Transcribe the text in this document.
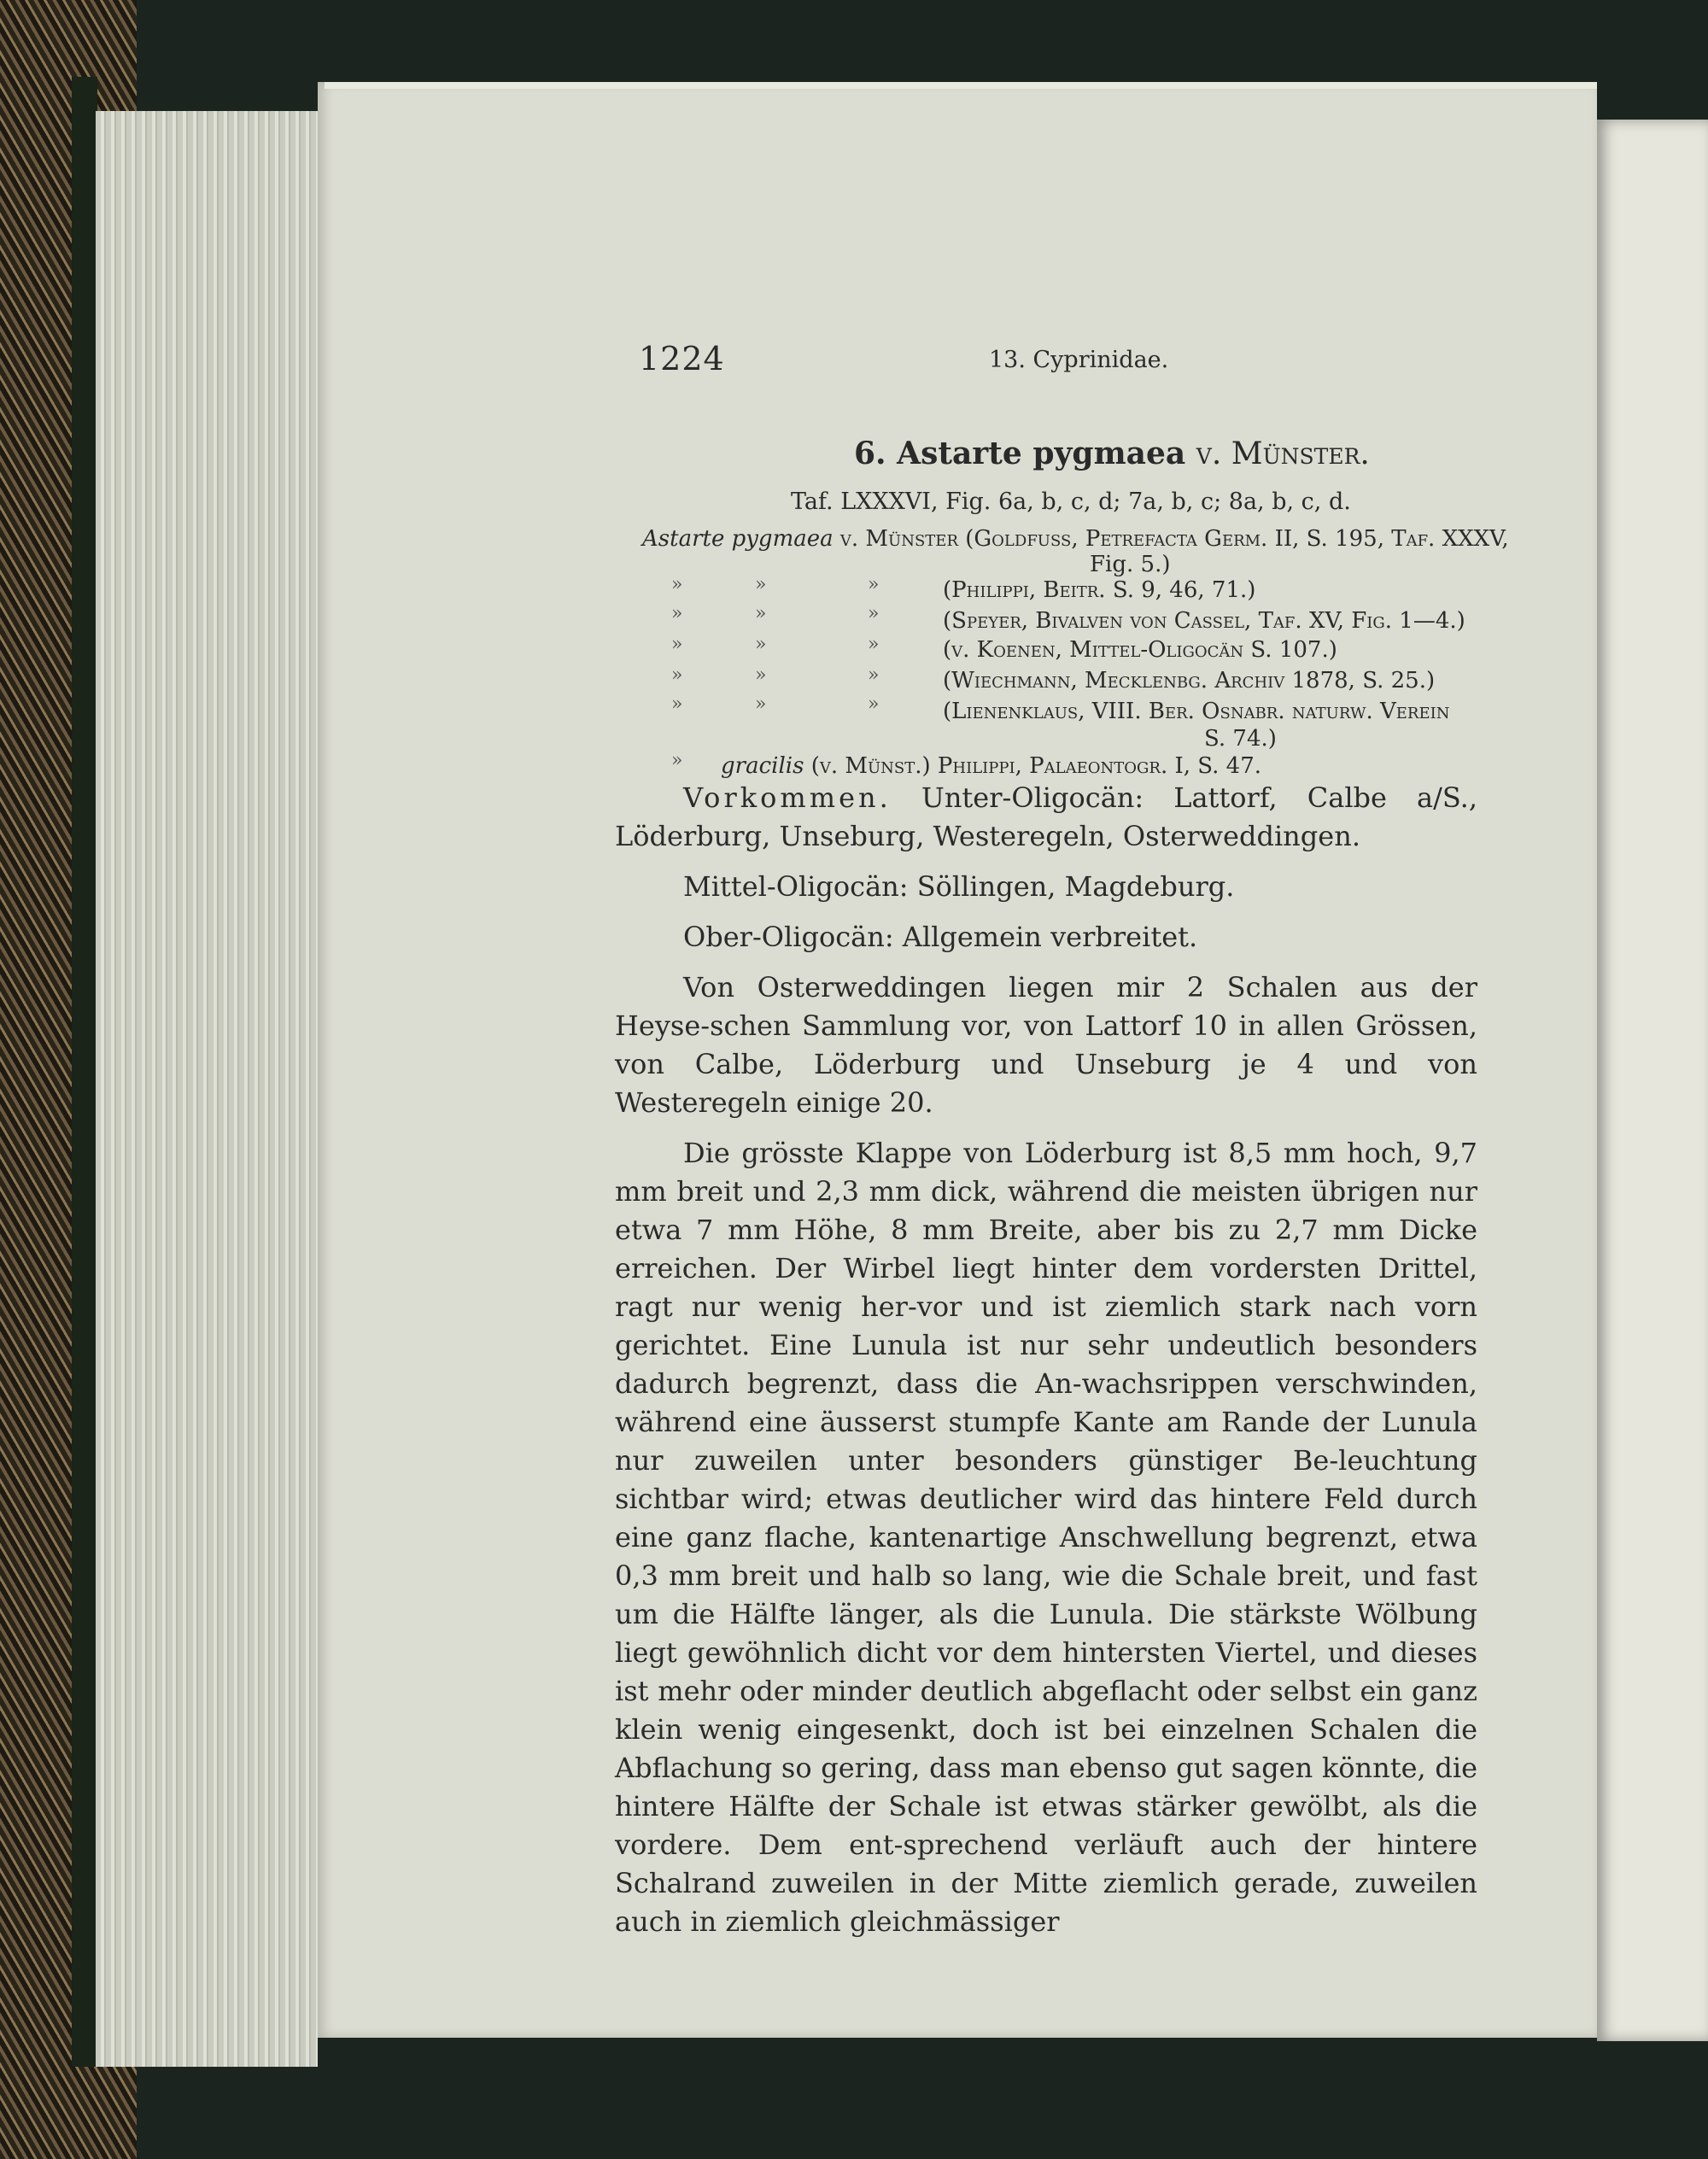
1224	13. Cyprinidae.
6. Astarte pygmaea v. Münster.
Taf. LXXXVI, Fig. 6a, b, c, d; 7a, b, c; 8a, b, c, d.
Astarte pygmaea v. Münster (Goldfuss, Petrefacta Germ. II, S. 195, Taf. XXXV,
Fig. 5.)
»	»	»	(Philippi, Beitr. S. 9, 46, 71.)
»	»	»	(Speyer, Bivalven von Cassel, Taf. XV, Fig. 1—4.)
»	»	»	(v. Koenen, Mittel-Oligocän S. 107.)
»	»	»	(Wiechmann, Mecklenbg. Archiv 1878, S. 25.)
»	»	»	(Lienenklaus, VIII. Ber. Osnabr. naturw. Verein
S. 74.)
» gracilis (v. Münst.) Philippi, Palaeontogr. I, S. 47.

Vorkommen. Unter-Oligocän: Lattorf, Calbe a/S., Löderburg, Unseburg, Westeregeln, Osterweddingen.

Mittel-Oligocän: Söllingen, Magdeburg.

Ober-Oligocän: Allgemein verbreitet.

Von Osterweddingen liegen mir 2 Schalen aus der Heyse-schen Sammlung vor, von Lattorf 10 in allen Grössen, von Calbe, Löderburg und Unseburg je 4 und von Westeregeln einige 20.

Die grösste Klappe von Löderburg ist 8,5 mm hoch, 9,7 mm breit und 2,3 mm dick, während die meisten übrigen nur etwa 7 mm Höhe, 8 mm Breite, aber bis zu 2,7 mm Dicke erreichen. Der Wirbel liegt hinter dem vordersten Drittel, ragt nur wenig her-vor und ist ziemlich stark nach vorn gerichtet. Eine Lunula ist nur sehr undeutlich besonders dadurch begrenzt, dass die An-wachsrippen verschwinden, während eine äusserst stumpfe Kante am Rande der Lunula nur zuweilen unter besonders günstiger Be-leuchtung sichtbar wird; etwas deutlicher wird das hintere Feld durch eine ganz flache, kantenartige Anschwellung begrenzt, etwa 0,3 mm breit und halb so lang, wie die Schale breit, und fast um die Hälfte länger, als die Lunula. Die stärkste Wölbung liegt gewöhnlich dicht vor dem hintersten Viertel, und dieses ist mehr oder minder deutlich abgeflacht oder selbst ein ganz klein wenig eingesenkt, doch ist bei einzelnen Schalen die Abflachung so gering, dass man ebenso gut sagen könnte, die hintere Hälfte der Schale ist etwas stärker gewölbt, als die vordere. Dem ent-sprechend verläuft auch der hintere Schalrand zuweilen in der Mitte ziemlich gerade, zuweilen auch in ziemlich gleichmässiger
